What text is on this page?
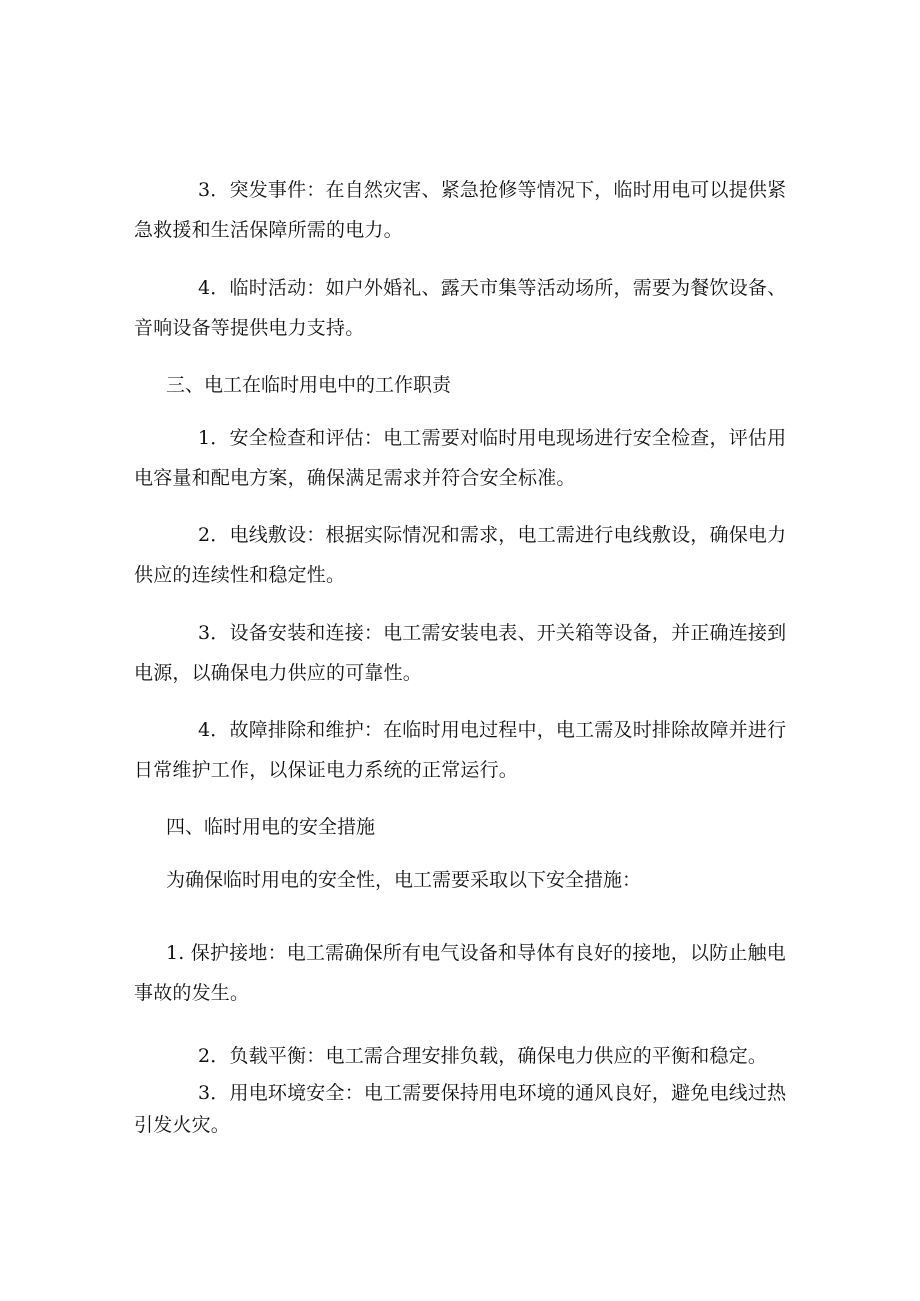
3．突发事件：在自然灾害、紧急抢修等情况下，临时用电可以提供紧急救援和生活保障所需的电力。

4．临时活动：如户外婚礼、露天市集等活动场所，需要为餐饮设备、音响设备等提供电力支持。

三、电工在临时用电中的工作职责

1．安全检查和评估：电工需要对临时用电现场进行安全检查，评估用电容量和配电方案，确保满足需求并符合安全标准。

2．电线敷设：根据实际情况和需求，电工需进行电线敷设，确保电力供应的连续性和稳定性。

3．设备安装和连接：电工需安装电表、开关箱等设备，并正确连接到电源，以确保电力供应的可靠性。

4．故障排除和维护：在临时用电过程中，电工需及时排除故障并进行日常维护工作，以保证电力系统的正常运行。

四、临时用电的安全措施

为确保临时用电的安全性，电工需要采取以下安全措施：

1. 保护接地：电工需确保所有电气设备和导体有良好的接地，以防止触电事故的发生。

2．负载平衡：电工需合理安排负载，确保电力供应的平衡和稳定。

3．用电环境安全：电工需要保持用电环境的通风良好，避免电线过热引发火灾。
